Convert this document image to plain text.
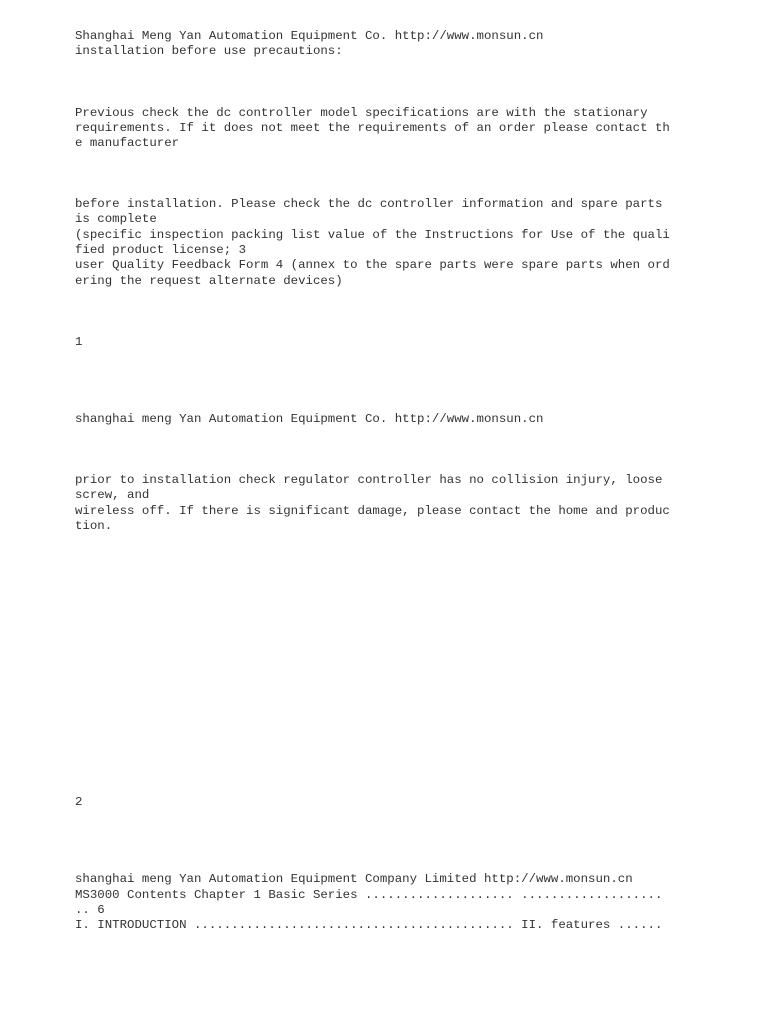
Shanghai Meng Yan Automation Equipment Co. http://www.monsun.cn

installation before use precautions:

Previous check the dc controller model specifications are with the stationary

requirements. If it does not meet the requirements of an order please contact th

e manufacturer

before installation. Please check the dc controller information and spare parts

is complete

(specific inspection packing list value of the Instructions for Use of the quali

fied product license; 3

user Quality Feedback Form 4 (annex to the spare parts were spare parts when ord

ering the request alternate devices)

1

shanghai meng Yan Automation Equipment Co. http://www.monsun.cn

prior to installation check regulator controller has no collision injury, loose

screw, and

wireless off. If there is significant damage, please contact the home and produc

tion.

2

shanghai meng Yan Automation Equipment Company Limited http://www.monsun.cn

MS3000 Contents Chapter 1 Basic Series .................... ...................

.. 6

I. INTRODUCTION ........................................... II. features ......
